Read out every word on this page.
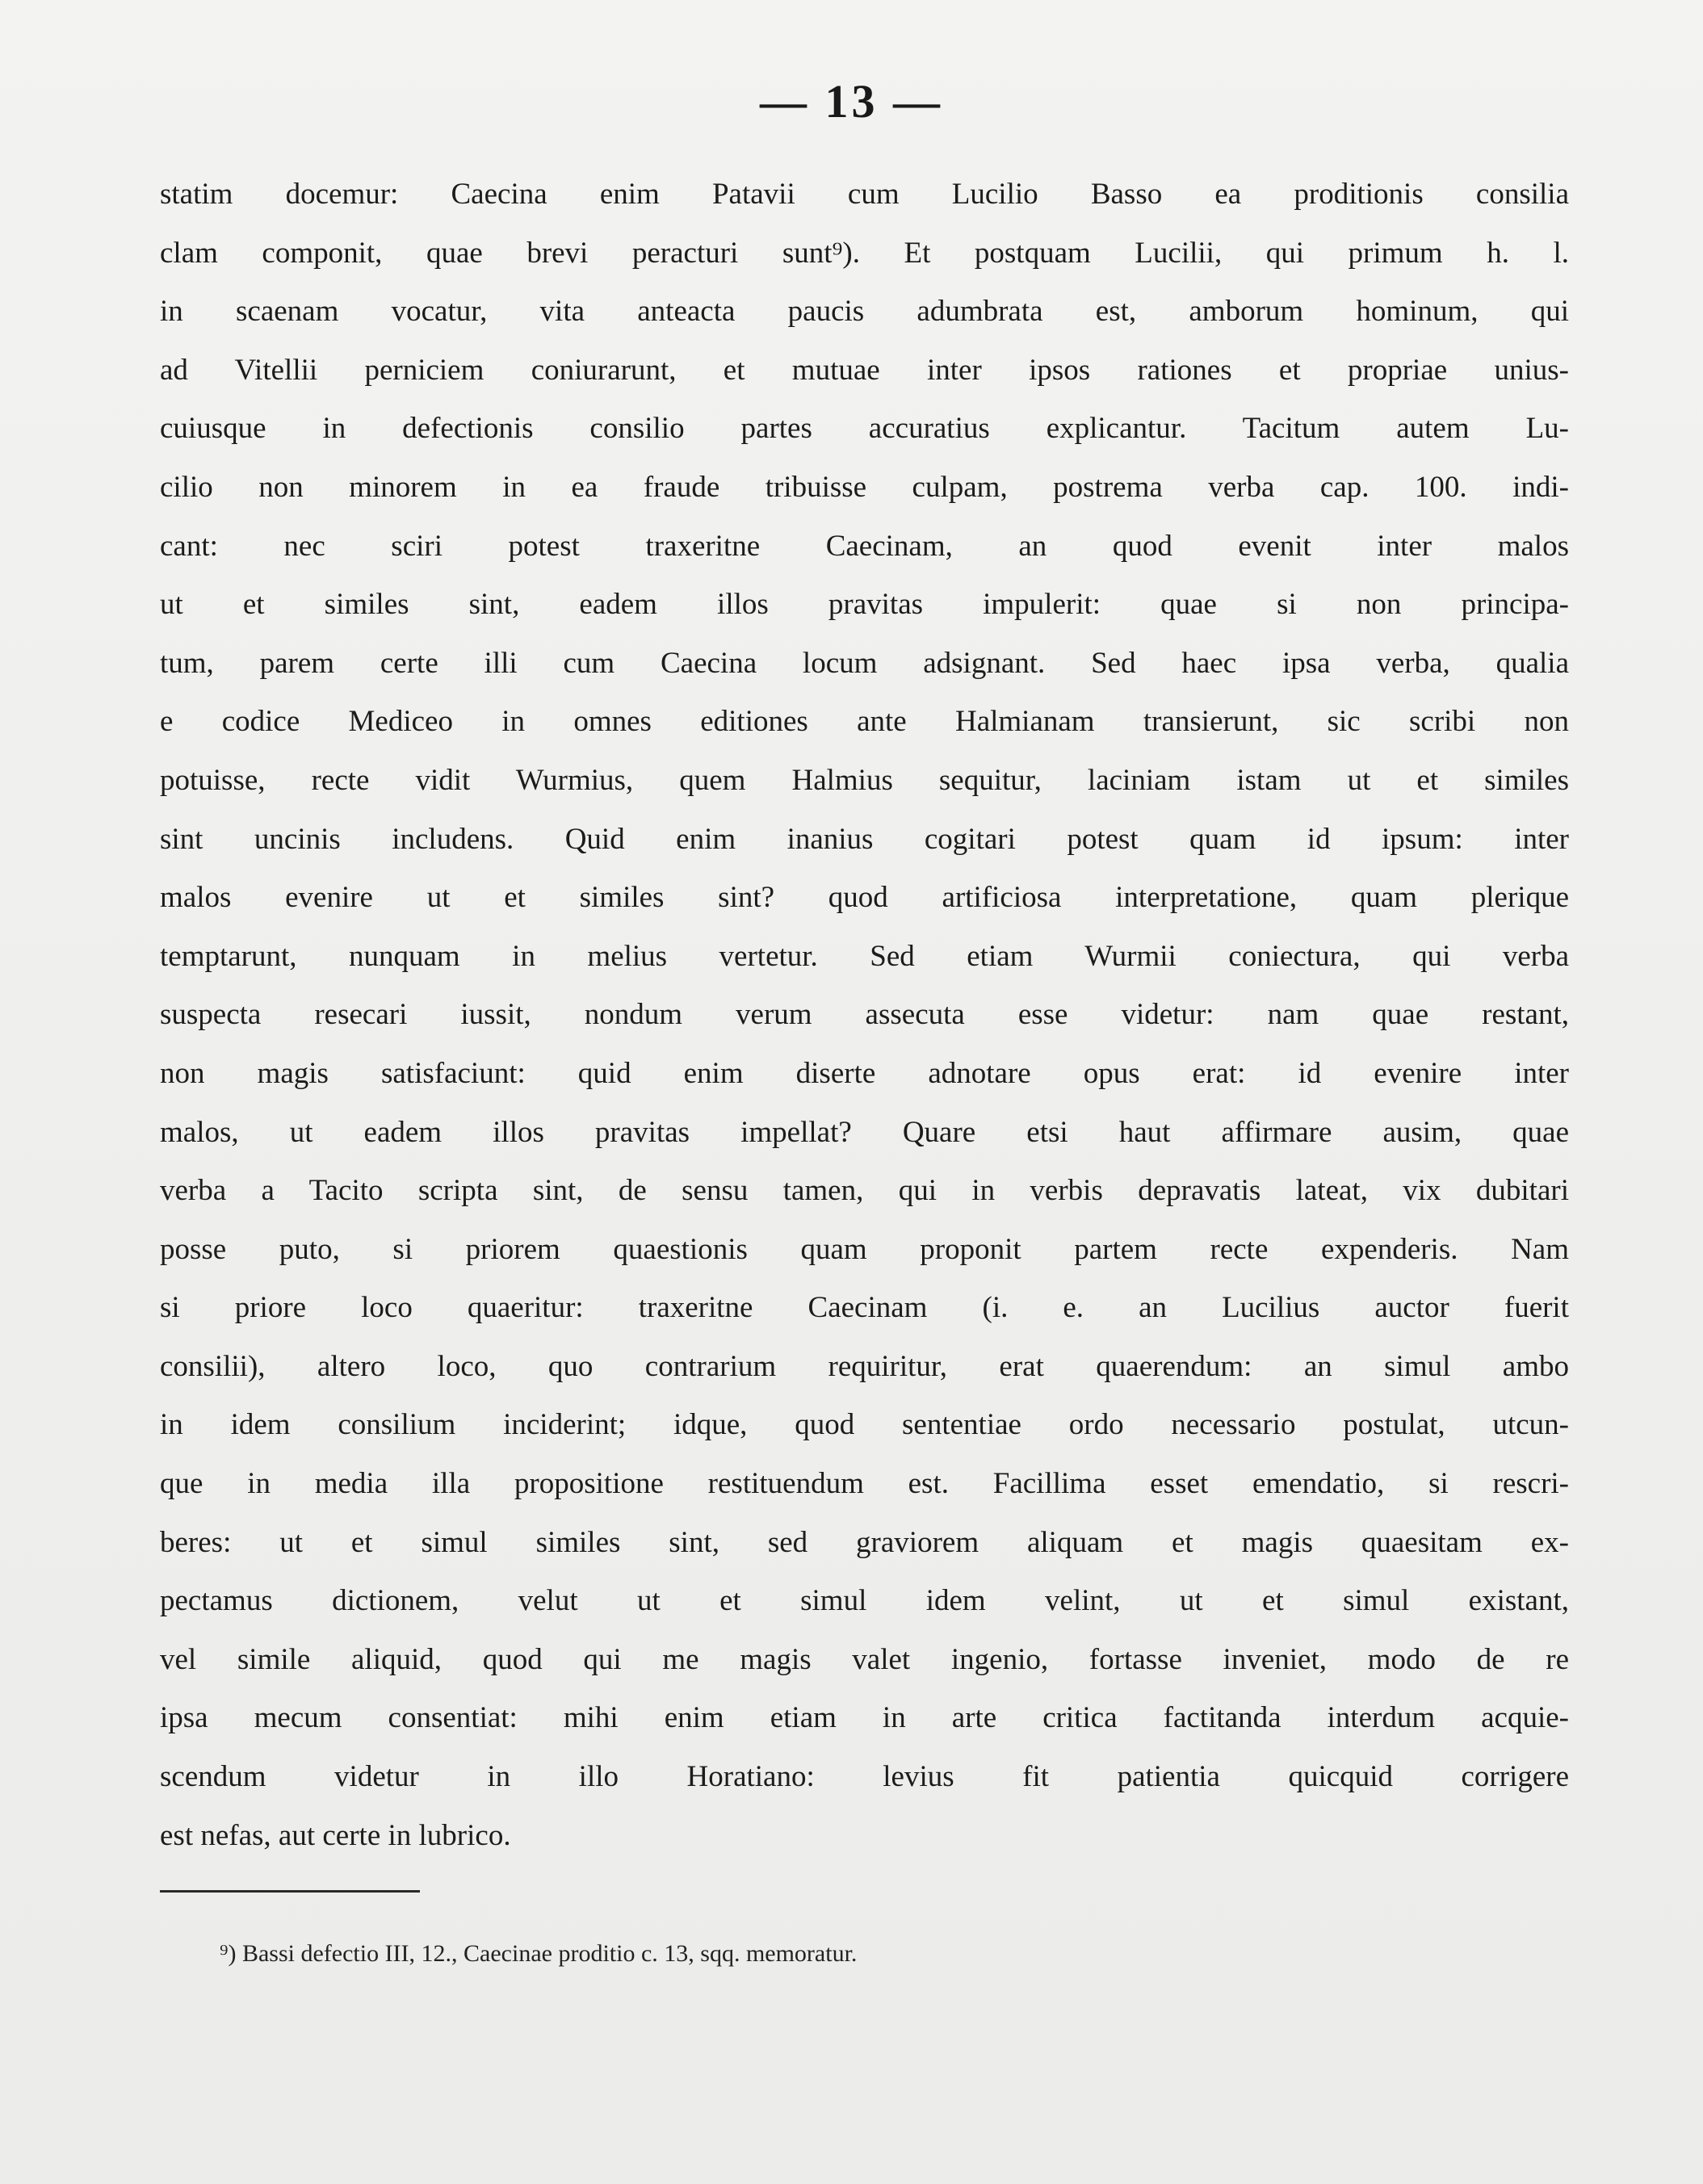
— 13 —
statim docemur: Caecina enim Patavii cum Lucilio Basso ea proditionis consilia
clam componit, quae brevi peracturi sunt⁹). Et postquam Lucilii, qui primum h. l.
in scaenam vocatur, vita anteacta paucis adumbrata est, amborum hominum, qui
ad Vitellii perniciem coniurarunt, et mutuae inter ipsos rationes et propriae unius-
cuiusque in defectionis consilio partes accuratius explicantur. Tacitum autem Lu-
cilio non minorem in ea fraude tribuisse culpam, postrema verba cap. 100. indi-
cant: nec sciri potest traxeritne Caecinam, an quod evenit inter malos
ut et similes sint, eadem illos pravitas impulerit: quae si non principa-
tum, parem certe illi cum Caecina locum adsignant. Sed haec ipsa verba, qualia
e codice Mediceo in omnes editiones ante Halmianam transierunt, sic scribi non
potuisse, recte vidit Wurmius, quem Halmius sequitur, laciniam istam ut et similes
sint uncinis includens. Quid enim inanius cogitari potest quam id ipsum: inter
malos evenire ut et similes sint? quod artificiosa interpretatione, quam plerique
temptarunt, nunquam in melius vertetur. Sed etiam Wurmii coniectura, qui verba
suspecta resecari iussit, nondum verum assecuta esse videtur: nam quae restant,
non magis satisfaciunt: quid enim diserte adnotare opus erat: id evenire inter
malos, ut eadem illos pravitas impellat? Quare etsi haut affirmare ausim, quae
verba a Tacito scripta sint, de sensu tamen, qui in verbis depravatis lateat, vix dubitari
posse puto, si priorem quaestionis quam proponit partem recte expenderis. Nam
si priore loco quaeritur: traxeritne Caecinam (i. e. an Lucilius auctor fuerit
consilii), altero loco, quo contrarium requiritur, erat quaerendum: an simul ambo
in idem consilium inciderint; idque, quod sententiae ordo necessario postulat, utcun-
que in media illa propositione restituendum est. Facillima esset emendatio, si rescri-
beres: ut et simul similes sint, sed graviorem aliquam et magis quaesitam ex-
pectamus dictionem, velut ut et simul idem velint, ut et simul existant,
vel simile aliquid, quod qui me magis valet ingenio, fortasse inveniet, modo de re
ipsa mecum consentiat: mihi enim etiam in arte critica factitanda interdum acquie-
scendum videtur in illo Horatiano: levius fit patientia quicquid corrigere
est nefas, aut certe in lubrico.
⁹) Bassi defectio III, 12., Caecinae proditio c. 13, sqq. memoratur.
